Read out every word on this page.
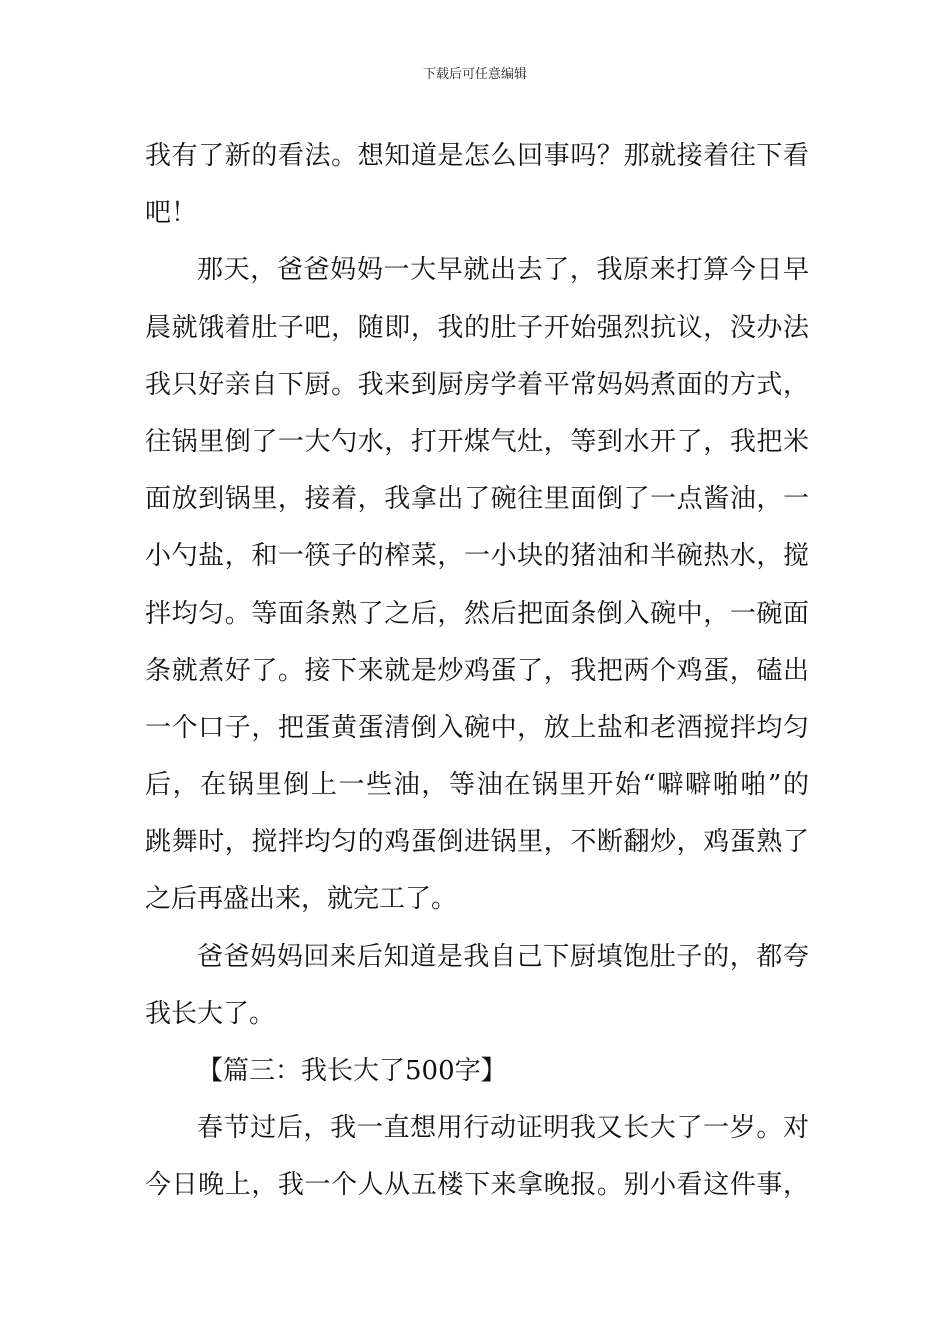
下载后可任意编辑
我有了新的看法。想知道是怎么回事吗？那就接着往下看
吧！
那天，爸爸妈妈一大早就出去了，我原来打算今日早
晨就饿着肚子吧，随即，我的肚子开始强烈抗议，没办法
我只好亲自下厨。我来到厨房学着平常妈妈煮面的方式，
往锅里倒了一大勺水，打开煤气灶，等到水开了，我把米
面放到锅里，接着，我拿出了碗往里面倒了一点酱油，一
小勺盐，和一筷子的榨菜，一小块的猪油和半碗热水，搅
拌均匀。等面条熟了之后，然后把面条倒入碗中，一碗面
条就煮好了。接下来就是炒鸡蛋了，我把两个鸡蛋，磕出
一个口子，把蛋黄蛋清倒入碗中，放上盐和老酒搅拌均匀
后，在锅里倒上一些油，等油在锅里开始“噼噼啪啪”的
跳舞时，搅拌均匀的鸡蛋倒进锅里，不断翻炒，鸡蛋熟了
之后再盛出来，就完工了。
爸爸妈妈回来后知道是我自己下厨填饱肚子的，都夸
我长大了。
【篇三：我长大了500字】
春节过后，我一直想用行动证明我又长大了一岁。对
今日晚上，我一个人从五楼下来拿晚报。别小看这件事，
